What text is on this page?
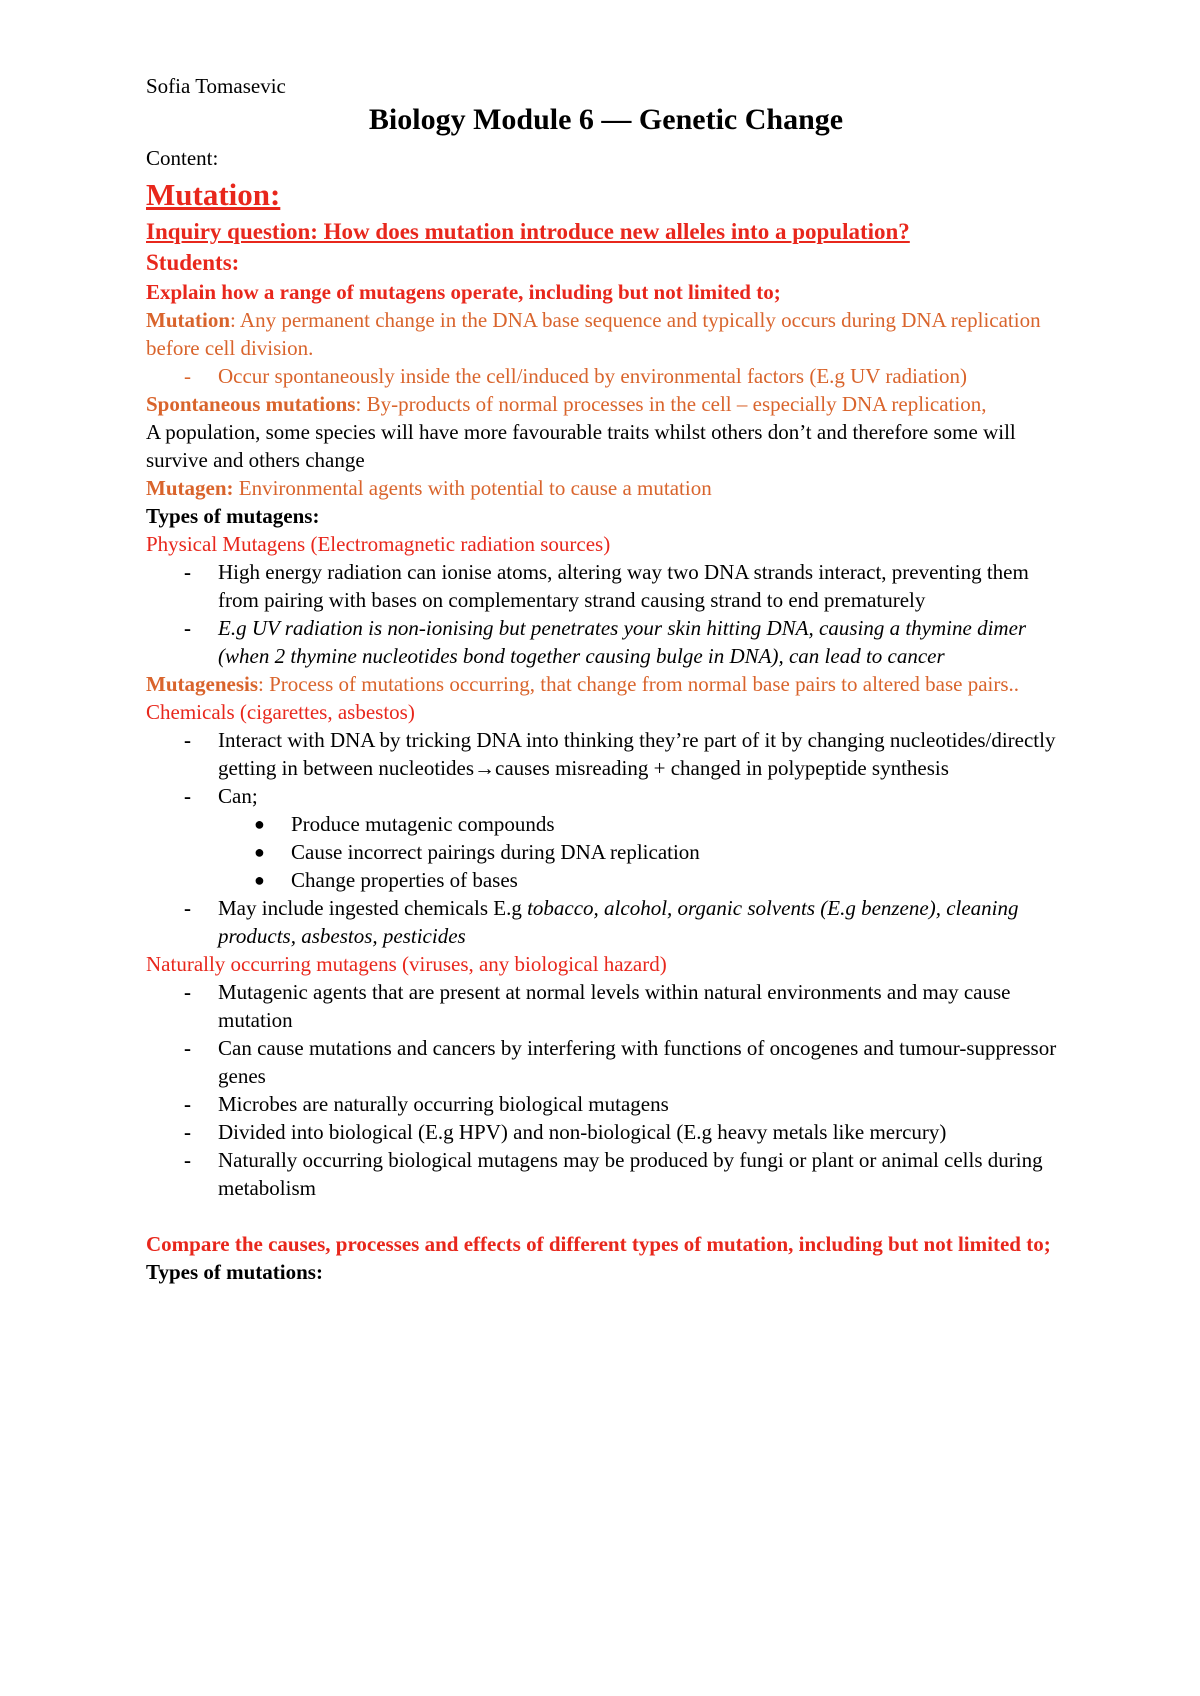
Sofia Tomasevic

Biology Module 6 — Genetic Change

Content:

Mutation:

Inquiry question: How does mutation introduce new alleles into a population?

Students:

Explain how a range of mutagens operate, including but not limited to;

Mutation: Any permanent change in the DNA base sequence and typically occurs during DNA replication before cell division.

- Occur spontaneously inside the cell/induced by environmental factors (E.g UV radiation)

Spontaneous mutations: By-products of normal processes in the cell – especially DNA replication,

A population, some species will have more favourable traits whilst others don’t and therefore some will survive and others change

Mutagen: Environmental agents with potential to cause a mutation

Types of mutagens:

Physical Mutagens (Electromagnetic radiation sources)

- High energy radiation can ionise atoms, altering way two DNA strands interact, preventing them from pairing with bases on complementary strand causing strand to end prematurely
- E.g UV radiation is non-ionising but penetrates your skin hitting DNA, causing a thymine dimer (when 2 thymine nucleotides bond together causing bulge in DNA), can lead to cancer

Mutagenesis: Process of mutations occurring, that change from normal base pairs to altered base pairs..

Chemicals (cigarettes, asbestos)

- Interact with DNA by tricking DNA into thinking they’re part of it by changing nucleotides/directly getting in between nucleotides→causes misreading + changed in polypeptide synthesis
- Can;
● Produce mutagenic compounds
● Cause incorrect pairings during DNA replication
● Change properties of bases
- May include ingested chemicals E.g tobacco, alcohol, organic solvents (E.g benzene), cleaning products, asbestos, pesticides

Naturally occurring mutagens (viruses, any biological hazard)

- Mutagenic agents that are present at normal levels within natural environments and may cause mutation
- Can cause mutations and cancers by interfering with functions of oncogenes and tumour-suppressor genes
- Microbes are naturally occurring biological mutagens
- Divided into biological (E.g HPV) and non-biological (E.g heavy metals like mercury)
- Naturally occurring biological mutagens may be produced by fungi or plant or animal cells during metabolism

Compare the causes, processes and effects of different types of mutation, including but not limited to;

Types of mutations:
